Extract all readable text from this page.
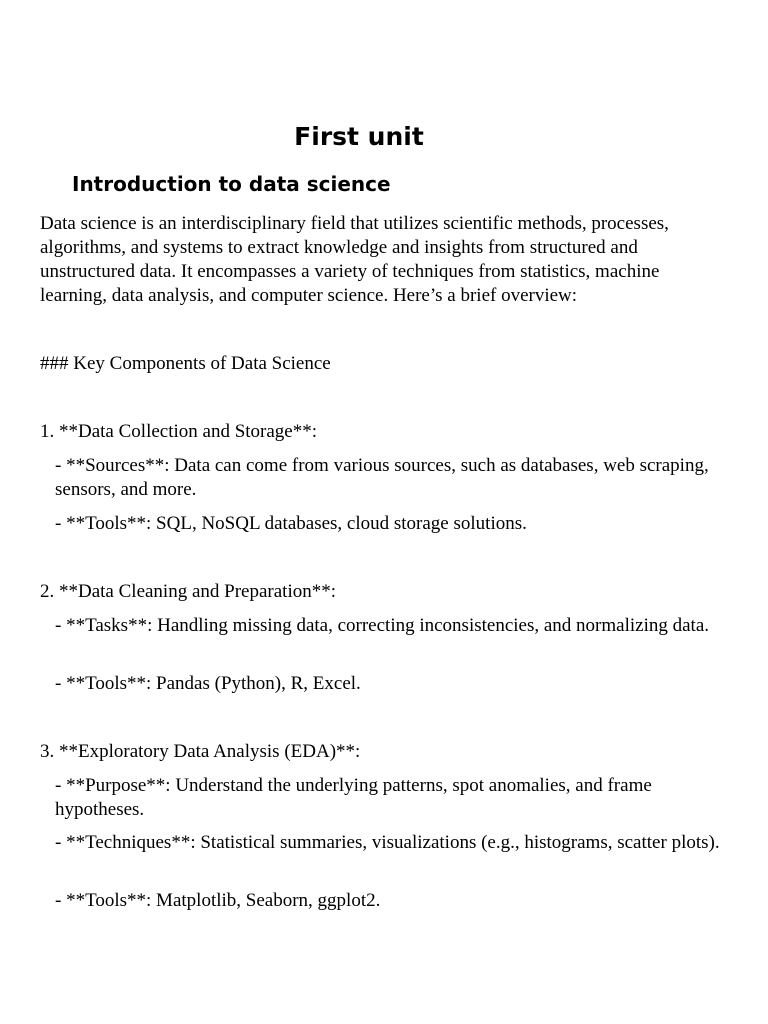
First unit
Introduction to data science

Data science is an interdisciplinary field that utilizes scientific methods, processes, algorithms, and systems to extract knowledge and insights from structured and unstructured data. It encompasses a variety of techniques from statistics, machine learning, data analysis, and computer science. Here’s a brief overview:

### Key Components of Data Science

1. **Data Collection and Storage**:

- **Sources**: Data can come from various sources, such as databases, web scraping, sensors, and more.

- **Tools**: SQL, NoSQL databases, cloud storage solutions.

2. **Data Cleaning and Preparation**:

- **Tasks**: Handling missing data, correcting inconsistencies, and normalizing data.

- **Tools**: Pandas (Python), R, Excel.

3. **Exploratory Data Analysis (EDA)**:

- **Purpose**: Understand the underlying patterns, spot anomalies, and frame hypotheses.

- **Techniques**: Statistical summaries, visualizations (e.g., histograms, scatter plots).

- **Tools**: Matplotlib, Seaborn, ggplot2.
